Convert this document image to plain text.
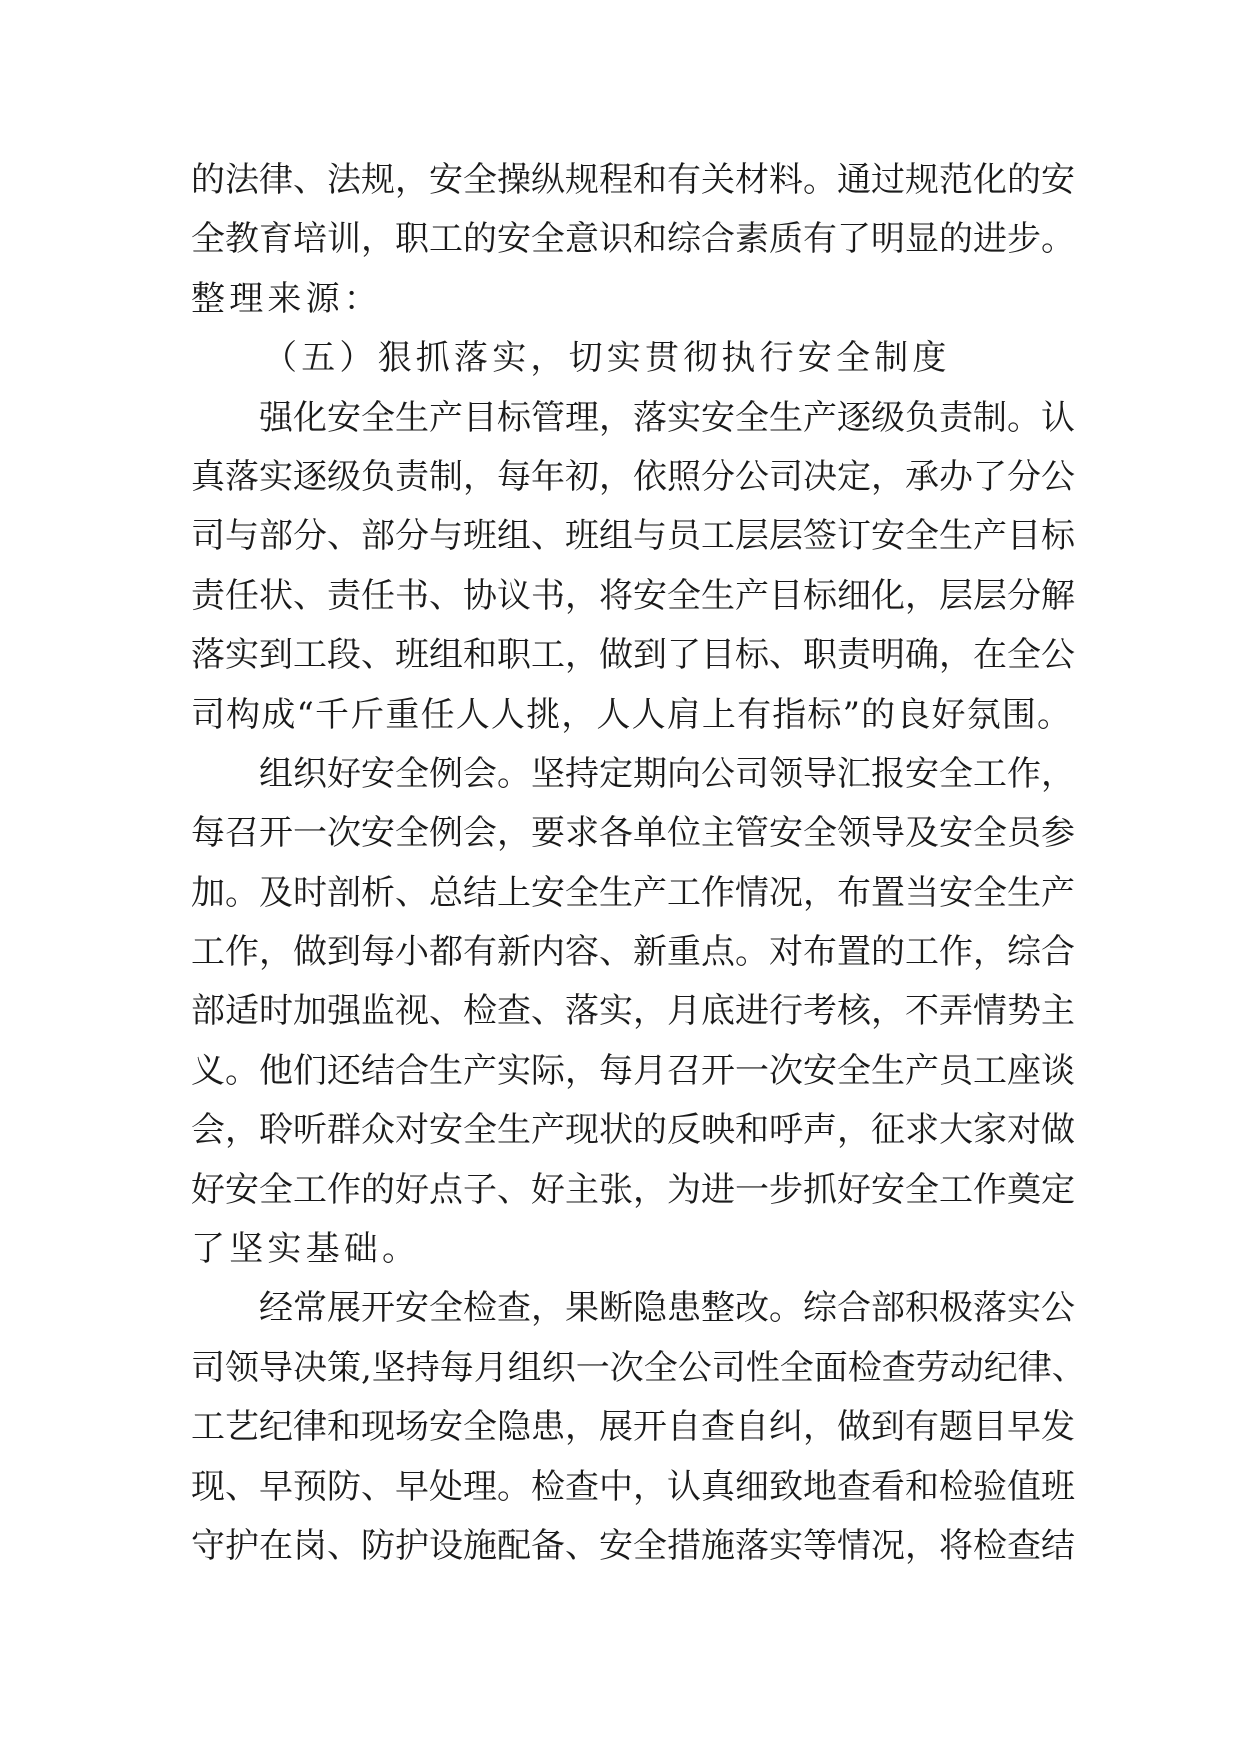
的法律、法规，安全操纵规程和有关材料。通过规范化的安
全教育培训，职工的安全意识和综合素质有了明显的进步。
整理来源：
（五）狠抓落实，切实贯彻执行安全制度
强化安全生产目标管理，落实安全生产逐级负责制。认
真落实逐级负责制，每年初，依照分公司决定，承办了分公
司与部分、部分与班组、班组与员工层层签订安全生产目标
责任状、责任书、协议书，将安全生产目标细化，层层分解
落实到工段、班组和职工，做到了目标、职责明确，在全公
司构成“千斤重任人人挑，人人肩上有指标”的良好氛围。
组织好安全例会。坚持定期向公司领导汇报安全工作，
每召开一次安全例会，要求各单位主管安全领导及安全员参
加。及时剖析、总结上安全生产工作情况，布置当安全生产
工作，做到每小都有新内容、新重点。对布置的工作，综合
部适时加强监视、检查、落实，月底进行考核，不弄情势主
义。他们还结合生产实际，每月召开一次安全生产员工座谈
会，聆听群众对安全生产现状的反映和呼声，征求大家对做
好安全工作的好点子、好主张，为进一步抓好安全工作奠定
了坚实基础。
经常展开安全检查，果断隐患整改。综合部积极落实公
司领导决策,坚持每月组织一次全公司性全面检查劳动纪律、
工艺纪律和现场安全隐患，展开自查自纠，做到有题目早发
现、早预防、早处理。检查中，认真细致地查看和检验值班
守护在岗、防护设施配备、安全措施落实等情况，将检查结
